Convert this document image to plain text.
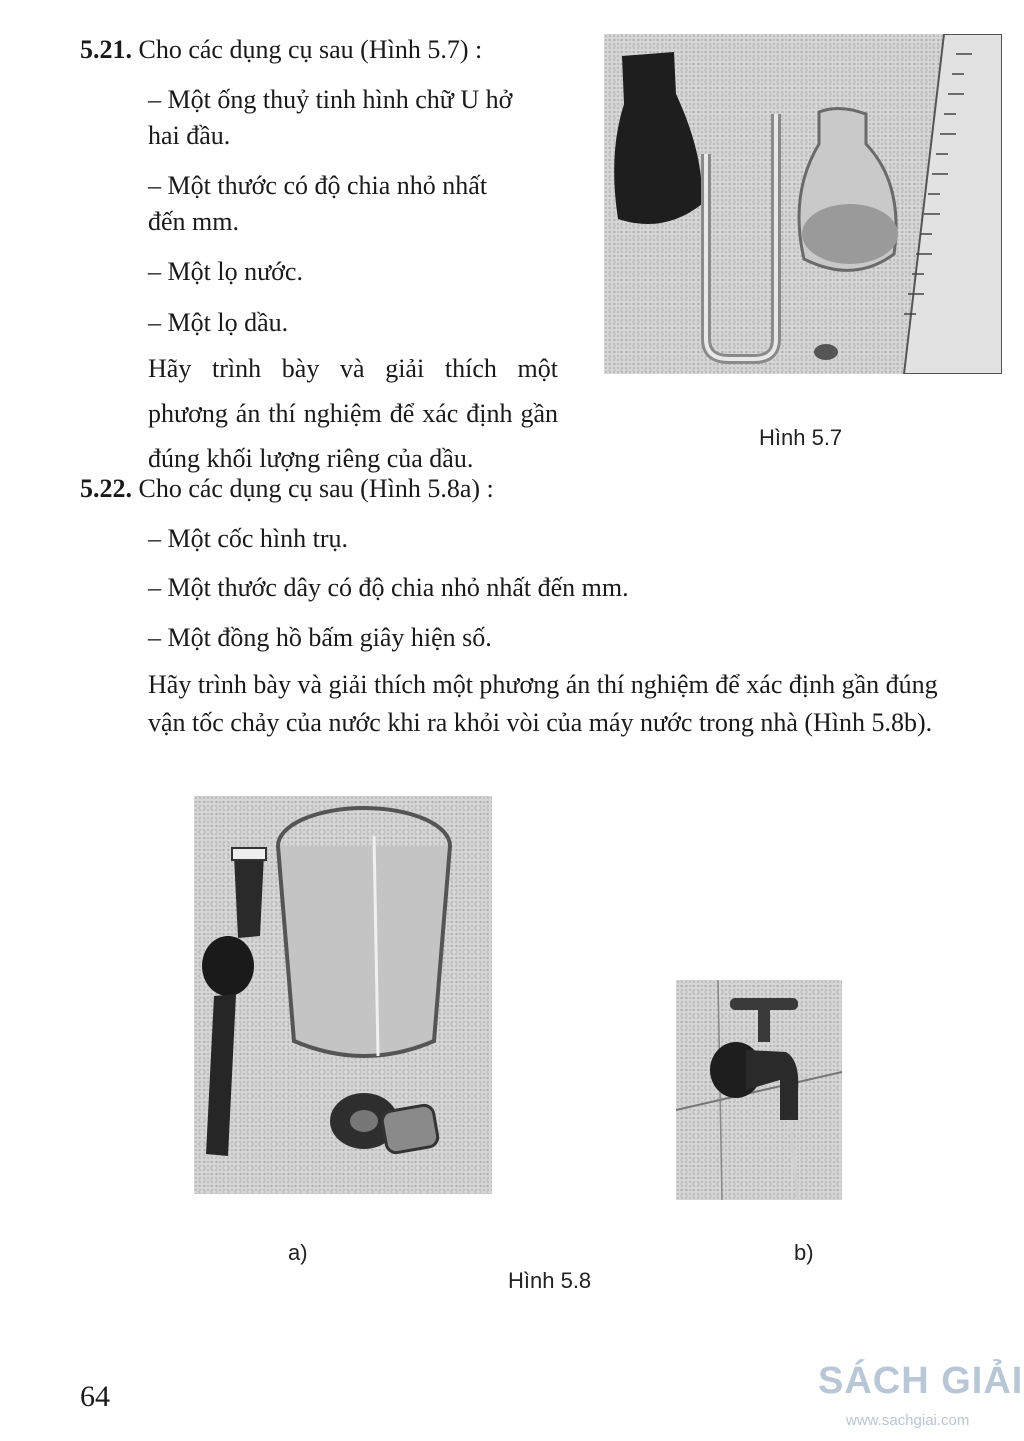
5.21. Cho các dụng cụ sau (Hình 5.7) :
– Một ống thuỷ tinh hình chữ U hở
hai đầu.
– Một thước có độ chia nhỏ nhất
đến mm.
– Một lọ nước.
– Một lọ dầu.
Hãy trình bày và giải thích một phương án thí nghiệm để xác định gần đúng khối lượng riêng của dầu.
Hình 5.7
5.22. Cho các dụng cụ sau (Hình 5.8a) :
– Một cốc hình trụ.
– Một thước dây có độ chia nhỏ nhất đến mm.
– Một đồng hồ bấm giây hiện số.
Hãy trình bày và giải thích một phương án thí nghiệm để xác định gần đúng
vận tốc chảy của nước khi ra khỏi vòi của máy nước trong nhà (Hình 5.8b).
a)	b)
Hình 5.8
64	SÁCH GIẢI
www.sachgiai.com
